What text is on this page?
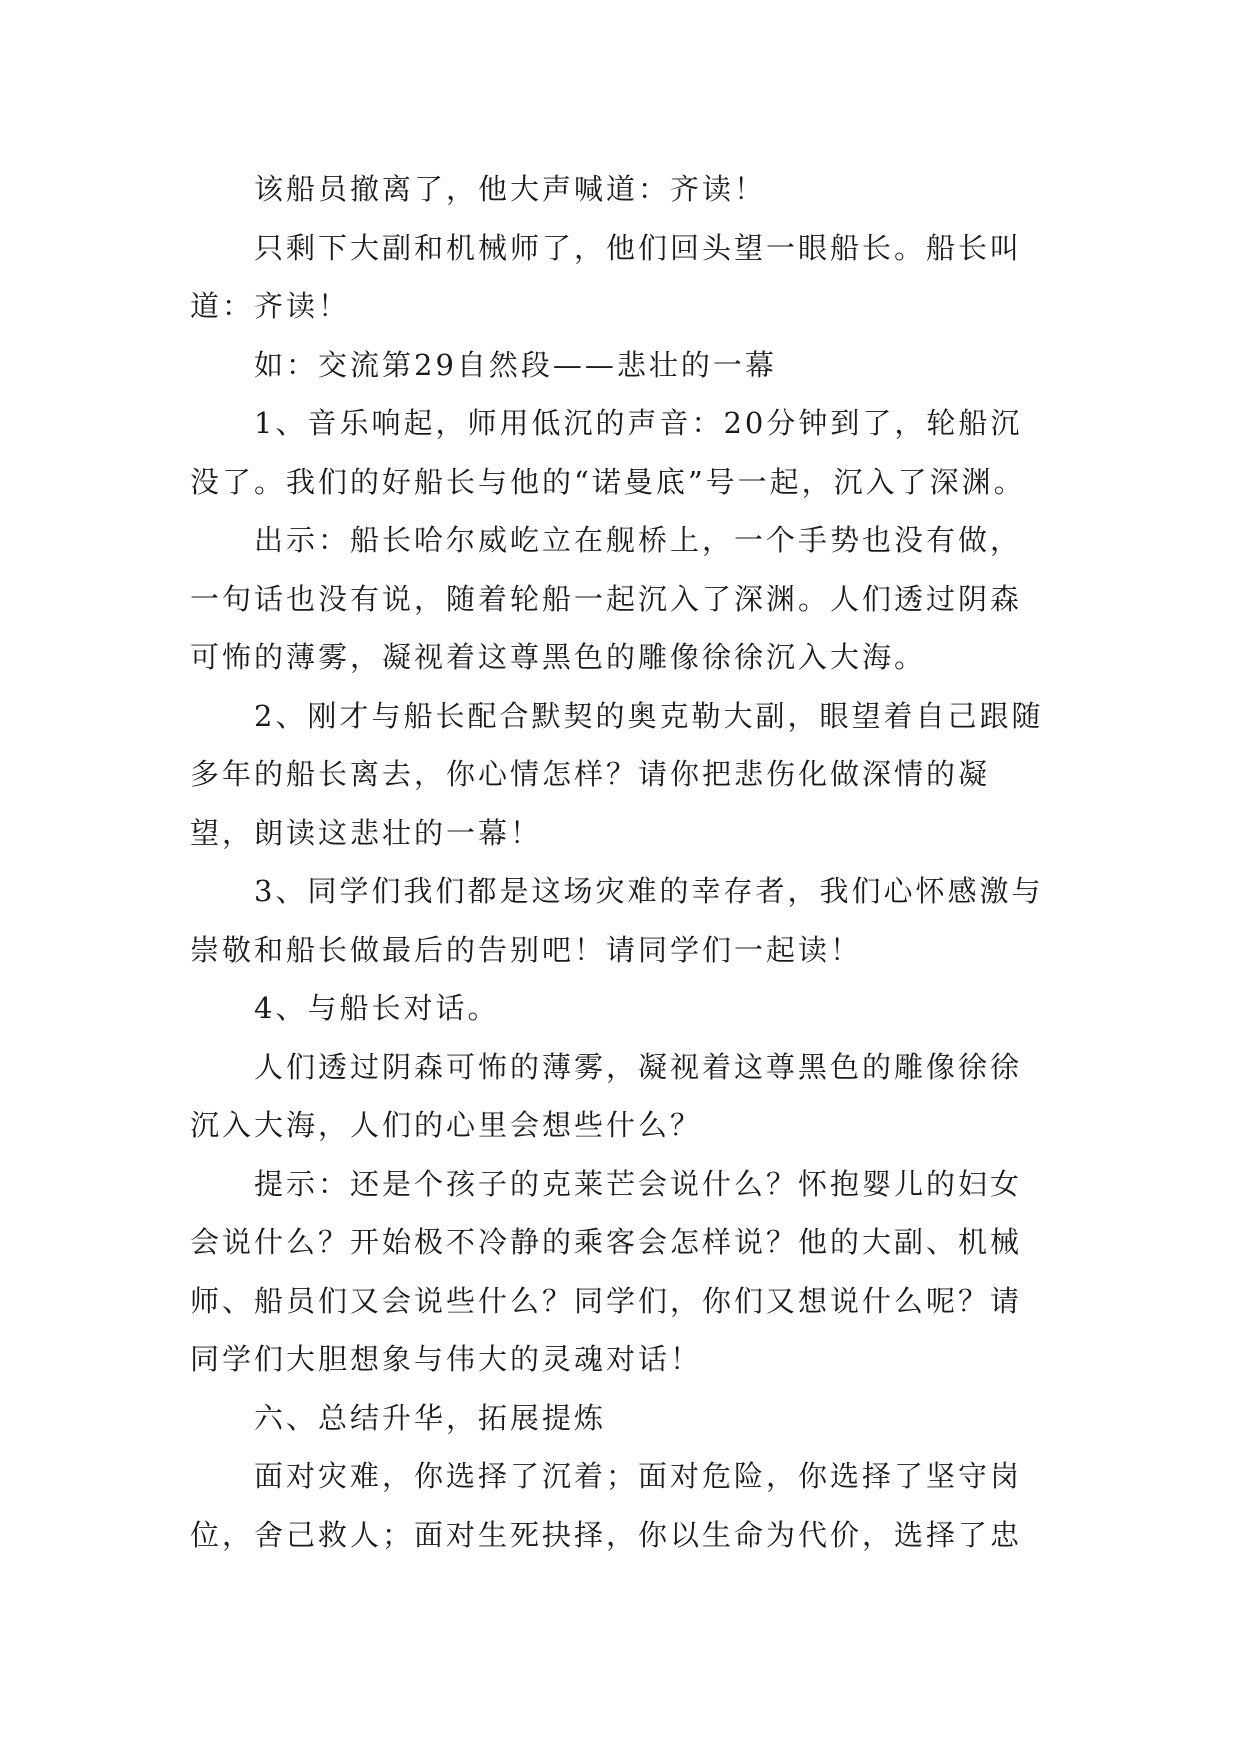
该船员撤离了，他大声喊道：齐读！

只剩下大副和机械师了，他们回头望一眼船长。船长叫道：齐读！

如：交流第29自然段——悲壮的一幕

1、音乐响起，师用低沉的声音：20分钟到了，轮船沉没了。我们的好船长与他的“诺曼底”号一起，沉入了深渊。

出示：船长哈尔威屹立在舰桥上，一个手势也没有做，一句话也没有说，随着轮船一起沉入了深渊。人们透过阴森可怖的薄雾，凝视着这尊黑色的雕像徐徐沉入大海。

2、刚才与船长配合默契的奥克勒大副，眼望着自己跟随多年的船长离去，你心情怎样？请你把悲伤化做深情的凝望，朗读这悲壮的一幕！

3、同学们我们都是这场灾难的幸存者，我们心怀感激与崇敬和船长做最后的告别吧！请同学们一起读！

4、与船长对话。

人们透过阴森可怖的薄雾，凝视着这尊黑色的雕像徐徐沉入大海，人们的心里会想些什么？

提示：还是个孩子的克莱芒会说什么？怀抱婴儿的妇女会说什么？开始极不冷静的乘客会怎样说？他的大副、机械师、船员们又会说些什么？同学们，你们又想说什么呢？请同学们大胆想象与伟大的灵魂对话！

六、总结升华，拓展提炼

面对灾难，你选择了沉着；面对危险，你选择了坚守岗位，舍己救人；面对生死抉择，你以生命为代价，选择了忠
